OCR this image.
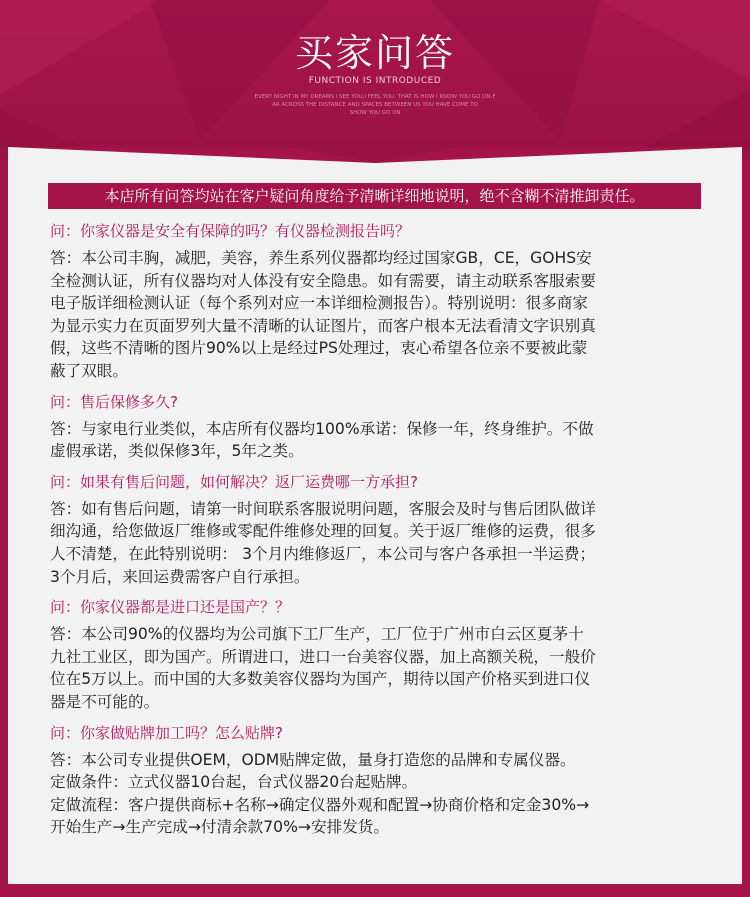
买家问答
FUNCTION IS INTRODUCED
EVERY NIGHT IN MY DREAMS I SEE YOU,I FEEL YOU. THAT IS HOW I KNOW YOU GO ON.F
AR ACROSS THE DISTANCE AND SPACES BETWEEN US YOU HAVE COME TO
SHOW YOU GO ON
本店所有问答均站在客户疑问角度给予清晰详细地说明，绝不含糊不清推卸责任。
问：你家仪器是安全有保障的吗？有仪器检测报告吗？
答：本公司丰胸，减肥，美容，养生系列仪器都均经过国家GB，CE，GOHS安
全检测认证，所有仪器均对人体没有安全隐患。如有需要，请主动联系客服索要
电子版详细检测认证（每个系列对应一本详细检测报告）。特别说明：很多商家
为显示实力在页面罗列大量不清晰的认证图片，而客户根本无法看清文字识别真
假，这些不清晰的图片90%以上是经过PS处理过，衷心希望各位亲不要被此蒙
蔽了双眼。
问：售后保修多久?
答：与家电行业类似，本店所有仪器均100%承诺：保修一年，终身维护。不做
虚假承诺，类似保修3年，5年之类。
问：如果有售后问题，如何解决？返厂运费哪一方承担?
答：如有售后问题，请第一时间联系客服说明问题，客服会及时与售后团队做详
细沟通，给您做返厂维修或零配件维修处理的回复。关于返厂维修的运费，很多
人不清楚，在此特别说明： 3个月内维修返厂，本公司与客户各承担一半运费；
3个月后，来回运费需客户自行承担。
问：你家仪器都是进口还是国产？？
答：本公司90%的仪器均为公司旗下工厂生产，工厂位于广州市白云区夏茅十
九社工业区，即为国产。所谓进口，进口一台美容仪器，加上高额关税，一般价
位在5万以上。而中国的大多数美容仪器均为国产，期待以国产价格买到进口仪
器是不可能的。
问：你家做贴牌加工吗？怎么贴牌?
答：本公司专业提供OEM，ODM贴牌定做，量身打造您的品牌和专属仪器。
定做条件：立式仪器10台起，台式仪器20台起贴牌。
定做流程：客户提供商标+名称→确定仪器外观和配置→协商价格和定金30%→
开始生产→生产完成→付清余款70%→安排发货。
